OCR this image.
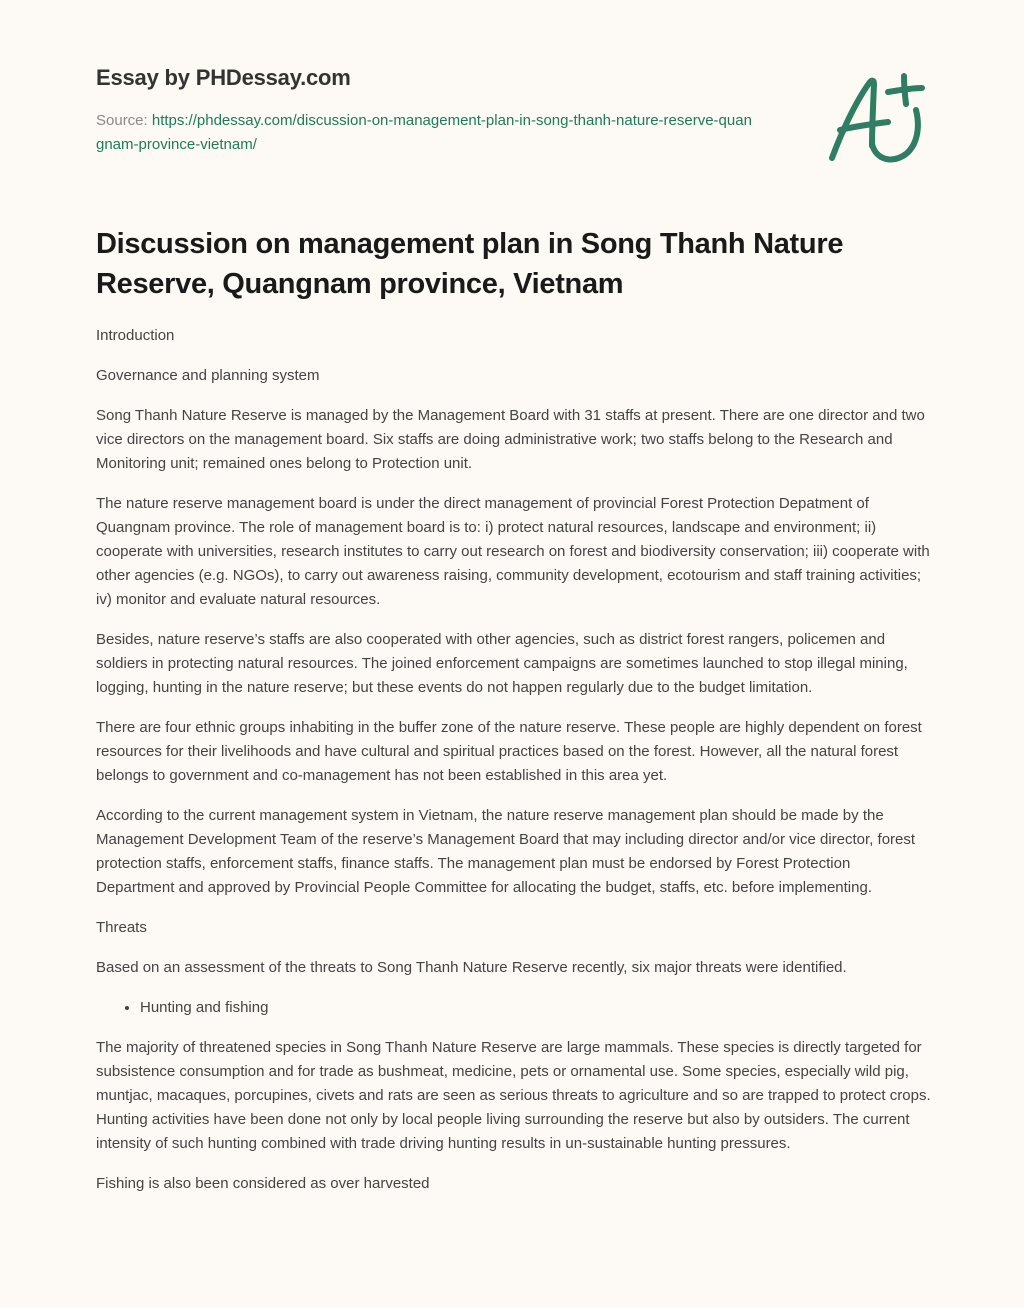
Essay by PHDessay.com
Source: https://phdessay.com/discussion-on-management-plan-in-song-thanh-nature-reserve-quangnam-province-vietnam/
Discussion on management plan in Song Thanh Nature Reserve, Quangnam province, Vietnam

Introduction

Governance and planning system

Song Thanh Nature Reserve is managed by the Management Board with 31 staffs at present. There are one director and two vice directors on the management board. Six staffs are doing administrative work; two staffs belong to the Research and Monitoring unit; remained ones belong to Protection unit.

The nature reserve management board is under the direct management of provincial Forest Protection Depatment of Quangnam province. The role of management board is to: i) protect natural resources, landscape and environment; ii) cooperate with universities, research institutes to carry out research on forest and biodiversity conservation; iii) cooperate with other agencies (e.g. NGOs), to carry out awareness raising, community development, ecotourism and staff training activities; iv) monitor and evaluate natural resources.

Besides, nature reserve’s staffs are also cooperated with other agencies, such as district forest rangers, policemen and soldiers in protecting natural resources. The joined enforcement campaigns are sometimes launched to stop illegal mining, logging, hunting in the nature reserve; but these events do not happen regularly due to the budget limitation.

There are four ethnic groups inhabiting in the buffer zone of the nature reserve. These people are highly dependent on forest resources for their livelihoods and have cultural and spiritual practices based on the forest. However, all the natural forest belongs to government and co-management has not been established in this area yet.

According to the current management system in Vietnam, the nature reserve management plan should be made by the Management Development Team of the reserve’s Management Board that may including director and/or vice director, forest protection staffs, enforcement staffs, finance staffs. The management plan must be endorsed by Forest Protection Department and approved by Provincial People Committee for allocating the budget, staffs, etc. before implementing.

Threats

Based on an assessment of the threats to Song Thanh Nature Reserve recently, six major threats were identified.

• Hunting and fishing

The majority of threatened species in Song Thanh Nature Reserve are large mammals. These species is directly targeted for subsistence consumption and for trade as bushmeat, medicine, pets or ornamental use. Some species, especially wild pig, muntjac, macaques, porcupines, civets and rats are seen as serious threats to agriculture and so are trapped to protect crops. Hunting activities have been done not only by local people living surrounding the reserve but also by outsiders. The current intensity of such hunting combined with trade driving hunting results in un-sustainable hunting pressures.

Fishing is also been considered as over harvested
